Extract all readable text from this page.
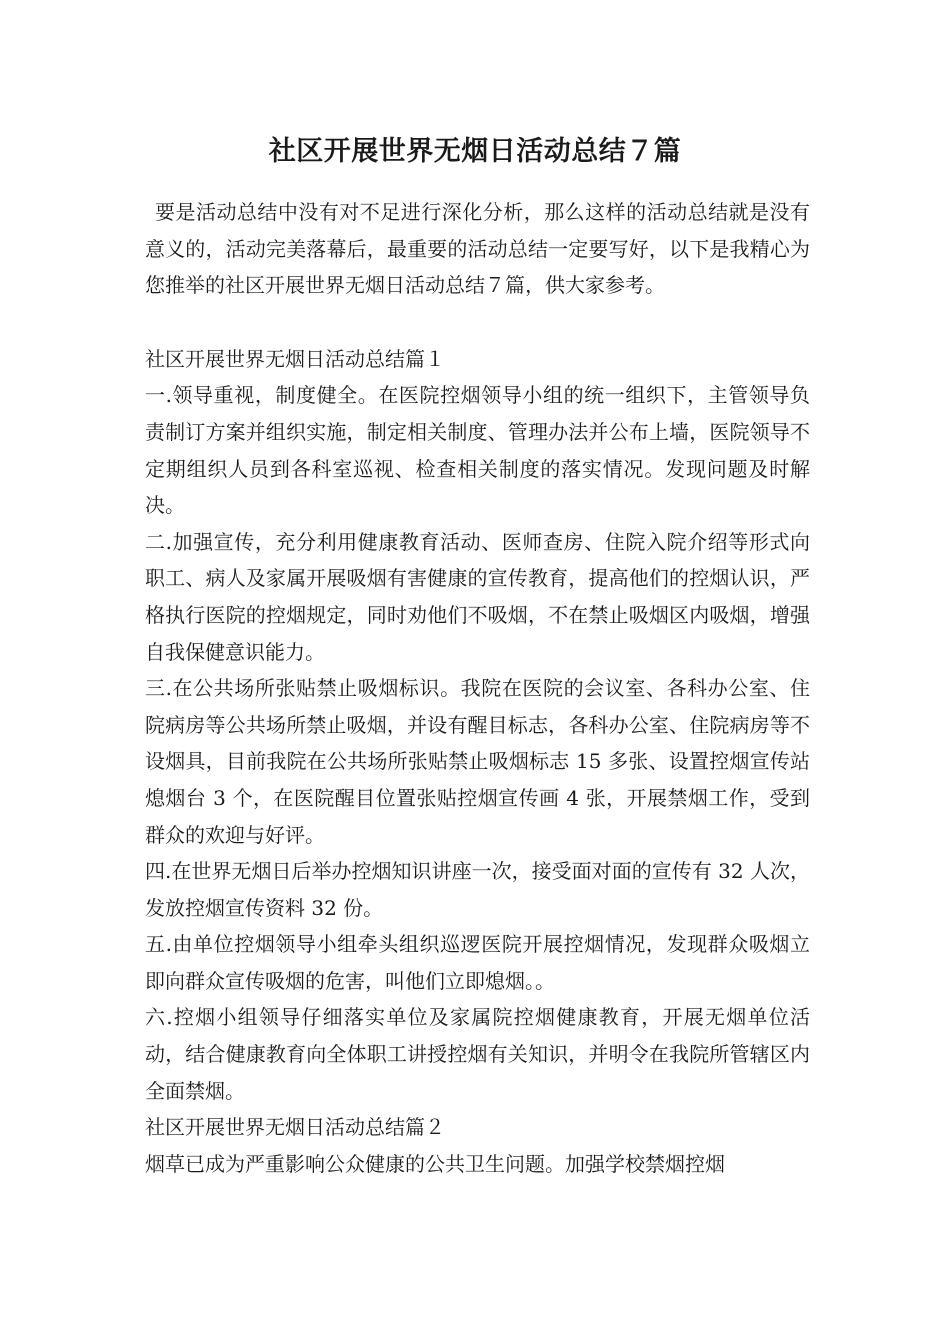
社区开展世界无烟日活动总结７篇

要是活动总结中没有对不足进行深化分析，那么这样的活动总结就是没有意义的，活动完美落幕后，最重要的活动总结一定要写好，以下是我精心为您推举的社区开展世界无烟日活动总结７篇，供大家参考。

社区开展世界无烟日活动总结篇１

一.领导重视，制度健全。在医院控烟领导小组的统一组织下，主管领导负责制订方案并组织实施，制定相关制度、管理办法并公布上墙，医院领导不定期组织人员到各科室巡视、检查相关制度的落实情况。发现问题及时解决。

二.加强宣传，充分利用健康教育活动、医师查房、住院入院介绍等形式向职工、病人及家属开展吸烟有害健康的宣传教育，提高他们的控烟认识，严格执行医院的控烟规定，同时劝他们不吸烟，不在禁止吸烟区内吸烟，增强自我保健意识能力。

三.在公共场所张贴禁止吸烟标识。我院在医院的会议室、各科办公室、住院病房等公共场所禁止吸烟，并设有醒目标志，各科办公室、住院病房等不设烟具，目前我院在公共场所张贴禁止吸烟标志 15 多张、设置控烟宣传站熄烟台 3 个，在医院醒目位置张贴控烟宣传画 4 张，开展禁烟工作，受到群众的欢迎与好评。

四.在世界无烟日后举办控烟知识讲座一次，接受面对面的宣传有 32 人次，发放控烟宣传资料 32 份。

五.由单位控烟领导小组牵头组织巡逻医院开展控烟情况，发现群众吸烟立即向群众宣传吸烟的危害，叫他们立即熄烟。。

六.控烟小组领导仔细落实单位及家属院控烟健康教育，开展无烟单位活动，结合健康教育向全体职工讲授控烟有关知识，并明令在我院所管辖区内全面禁烟。

社区开展世界无烟日活动总结篇２

烟草已成为严重影响公众健康的公共卫生问题。加强学校禁烟控烟
